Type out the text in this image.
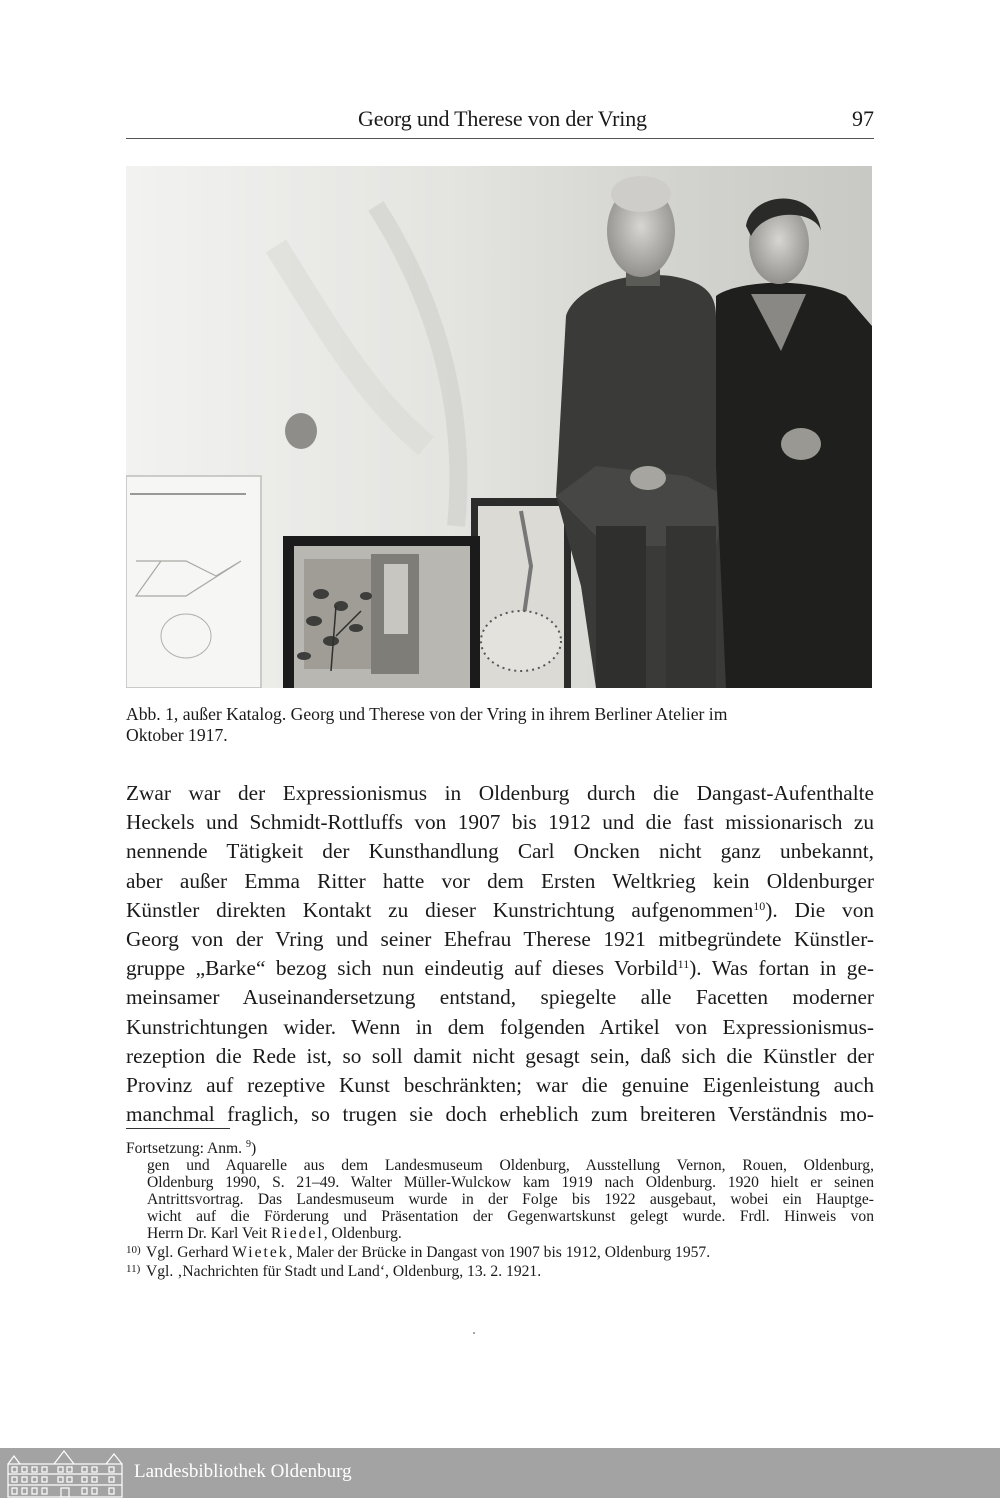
Georg und Therese von der Vring	97
Abb. 1, außer Katalog. Georg und Therese von der Vring in ihrem Berliner Atelier im
Oktober 1917.
Zwar war der Expressionismus in Oldenburg durch die Dangast-Aufenthalte
Heckels und Schmidt-Rottluffs von 1907 bis 1912 und die fast missionarisch zu
nennende Tätigkeit der Kunsthandlung Carl Oncken nicht ganz unbekannt,
aber außer Emma Ritter hatte vor dem Ersten Weltkrieg kein Oldenburger
Künstler direkten Kontakt zu dieser Kunstrichtung aufgenommen$^{10}$). Die von
Georg von der Vring und seiner Ehefrau Therese 1921 mitbegründete Künstler-
gruppe „Barke“ bezog sich nun eindeutig auf dieses Vorbild$^{11}$). Was fortan in ge-
meinsamer Auseinandersetzung entstand, spiegelte alle Facetten moderner
Kunstrichtungen wider. Wenn in dem folgenden Artikel von Expressionismus-
rezeption die Rede ist, so soll damit nicht gesagt sein, daß sich die Künstler der
Provinz auf rezeptive Kunst beschränkten; war die genuine Eigenleistung auch
manchmal fraglich, so trugen sie doch erheblich zum breiteren Verständnis mo-
Fortsetzung: Anm. $^9$)
gen und Aquarelle aus dem Landesmuseum Oldenburg, Ausstellung Vernon, Rouen, Oldenburg,
Oldenburg 1990, S. 21–49. Walter Müller-Wulckow kam 1919 nach Oldenburg. 1920 hielt er seinen
Antrittsvortrag. Das Landesmuseum wurde in der Folge bis 1922 ausgebaut, wobei ein Hauptge-
wicht auf die Förderung und Präsentation der Gegenwartskunst gelegt wurde. Frdl. Hinweis von
Herrn Dr. Karl Veit Riedel, Oldenburg.
10) Vgl. Gerhard Wietek, Maler der Brücke in Dangast von 1907 bis 1912, Oldenburg 1957.
11) Vgl. ‚Nachrichten für Stadt und Land‘, Oldenburg, 13. 2. 1921.
Landesbibliothek Oldenburg
